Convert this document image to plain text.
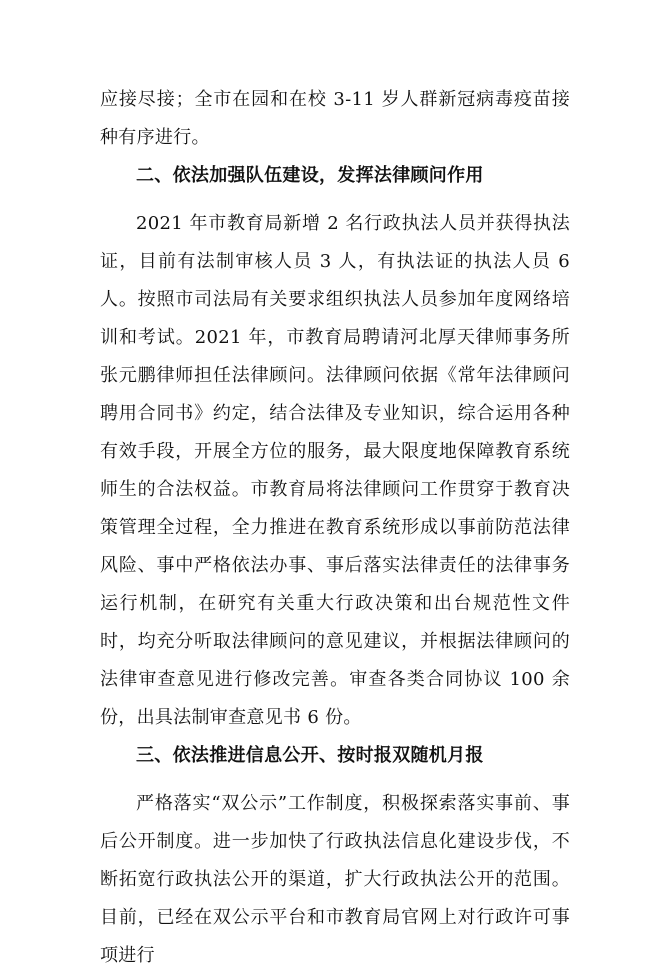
应接尽接；全市在园和在校 3-11 岁人群新冠病毒疫苗接种有序进行。

二、依法加强队伍建设，发挥法律顾问作用

2021 年市教育局新增 2 名行政执法人员并获得执法证，目前有法制审核人员 3 人，有执法证的执法人员 6 人。按照市司法局有关要求组织执法人员参加年度网络培训和考试。2021 年，市教育局聘请河北厚天律师事务所张元鹏律师担任法律顾问。法律顾问依据《常年法律顾问聘用合同书》约定，结合法律及专业知识，综合运用各种有效手段，开展全方位的服务，最大限度地保障教育系统师生的合法权益。市教育局将法律顾问工作贯穿于教育决策管理全过程，全力推进在教育系统形成以事前防范法律风险、事中严格依法办事、事后落实法律责任的法律事务运行机制，在研究有关重大行政决策和出台规范性文件时，均充分听取法律顾问的意见建议，并根据法律顾问的法律审查意见进行修改完善。审查各类合同协议 100 余份，出具法制审查意见书 6 份。

三、依法推进信息公开、按时报双随机月报

严格落实“双公示”工作制度，积极探索落实事前、事后公开制度。进一步加快了行政执法信息化建设步伐，不断拓宽行政执法公开的渠道，扩大行政执法公开的范围。目前，已经在双公示平台和市教育局官网上对行政许可事项进行
